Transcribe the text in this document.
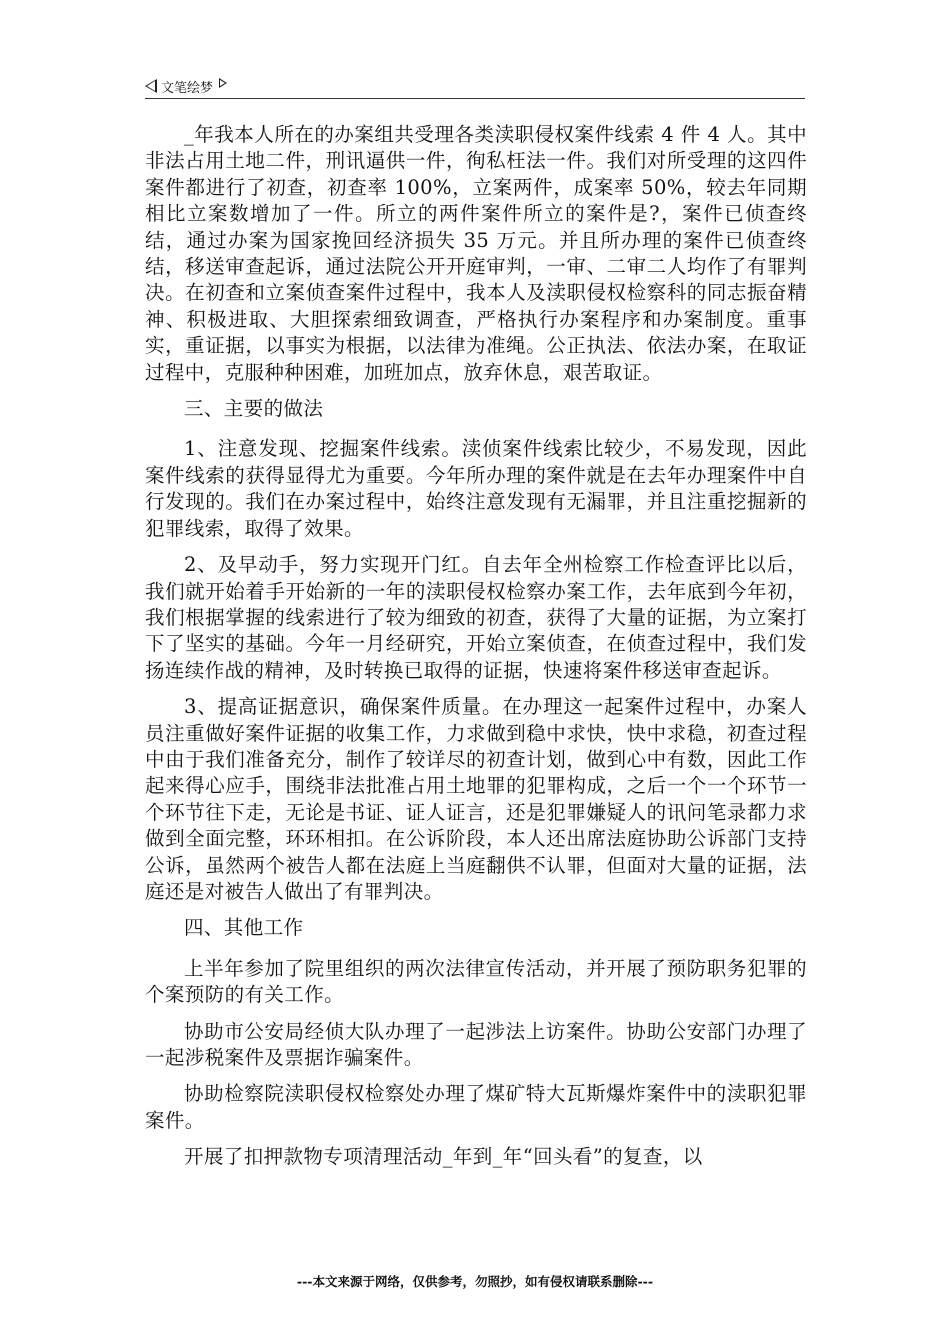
文笔绘梦

_年我本人所在的办案组共受理各类渎职侵权案件线索 4 件 4 人。其中非法占用土地二件，刑讯逼供一件，徇私枉法一件。我们对所受理的这四件案件都进行了初查，初查率 100%，立案两件，成案率 50%，较去年同期相比立案数增加了一件。所立的两件案件所立的案件是?，案件已侦查终结，通过办案为国家挽回经济损失 35 万元。并且所办理的案件已侦查终结，移送审查起诉，通过法院公开开庭审判，一审、二审二人均作了有罪判决。在初查和立案侦查案件过程中，我本人及渎职侵权检察科的同志振奋精神、积极进取、大胆探索细致调查，严格执行办案程序和办案制度。重事实，重证据，以事实为根据，以法律为准绳。公正执法、依法办案，在取证过程中，克服种种困难，加班加点，放弃休息，艰苦取证。

三、主要的做法

1、注意发现、挖掘案件线索。渎侦案件线索比较少，不易发现，因此案件线索的获得显得尤为重要。今年所办理的案件就是在去年办理案件中自行发现的。我们在办案过程中，始终注意发现有无漏罪，并且注重挖掘新的犯罪线索，取得了效果。

2、及早动手，努力实现开门红。自去年全州检察工作检查评比以后，我们就开始着手开始新的一年的渎职侵权检察办案工作，去年底到今年初，我们根据掌握的线索进行了较为细致的初查，获得了大量的证据，为立案打下了坚实的基础。今年一月经研究，开始立案侦查，在侦查过程中，我们发扬连续作战的精神，及时转换已取得的证据，快速将案件移送审查起诉。

3、提高证据意识，确保案件质量。在办理这一起案件过程中，办案人员注重做好案件证据的收集工作，力求做到稳中求快，快中求稳，初查过程中由于我们准备充分，制作了较详尽的初查计划，做到心中有数，因此工作起来得心应手，围绕非法批准占用土地罪的犯罪构成，之后一个一个环节一个环节往下走，无论是书证、证人证言，还是犯罪嫌疑人的讯问笔录都力求做到全面完整，环环相扣。在公诉阶段，本人还出席法庭协助公诉部门支持公诉，虽然两个被告人都在法庭上当庭翻供不认罪，但面对大量的证据，法庭还是对被告人做出了有罪判决。

四、其他工作

上半年参加了院里组织的两次法律宣传活动，并开展了预防职务犯罪的个案预防的有关工作。

协助市公安局经侦大队办理了一起涉法上访案件。协助公安部门办理了一起涉税案件及票据诈骗案件。

协助检察院渎职侵权检察处办理了煤矿特大瓦斯爆炸案件中的渎职犯罪案件。

开展了扣押款物专项清理活动_年到_年“回头看”的复查，以

---本文来源于网络，仅供参考，勿照抄，如有侵权请联系删除---
